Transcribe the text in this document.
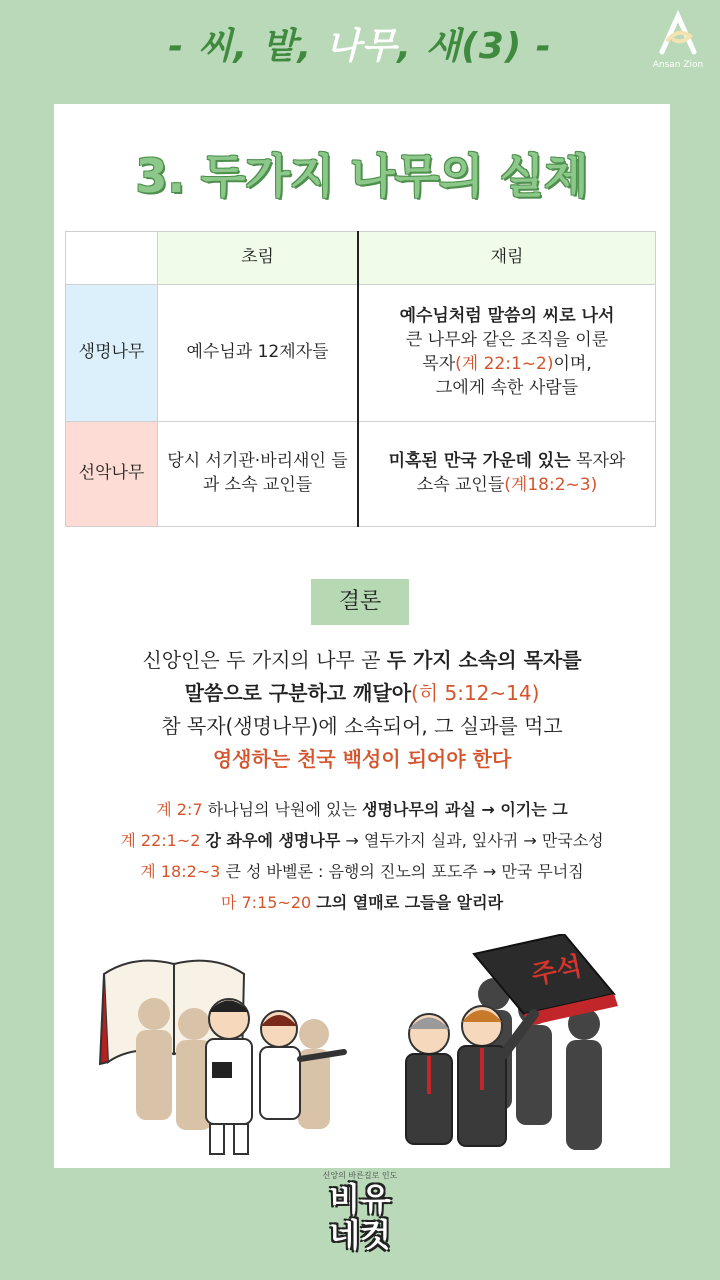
- 씨, 밭, 나무, 새(3) -	Ansan Zion
3. 두가지 나무의 실체
	초림	재림
생명나무	예수님과 12제자들	예수님처럼 말씀의 씨로 나서
큰 나무와 같은 조직을 이룬
목자(계 22:1~2)이며,
그에게 속한 사람들

선악나무	당시 서기관·바리새인 들과 소속 교인들	미혹된 만국 가운데 있는 목자와
소속 교인들(계18:2~3)
결론
신앙인은 두 가지의 나무 곧 두 가지 소속의 목자를
말씀으로 구분하고 깨달아(히 5:12~14)
참 목자(생명나무)에 소속되어, 그 실과를 먹고
영생하는 천국 백성이 되어야 한다
계 2:7 하나님의 낙원에 있는 생명나무의 과실 → 이기는 그
계 22:1~2 강 좌우에 생명나무 → 열두가지 실과, 잎사귀 → 만국소성
계 18:2~3 큰 성 바벨론 : 음행의 진노의 포도주 → 만국 무너짐
마 7:15~20 그의 열매로 그들을 알리라
주석
신앙의 바른길로 인도
비유
네컷
